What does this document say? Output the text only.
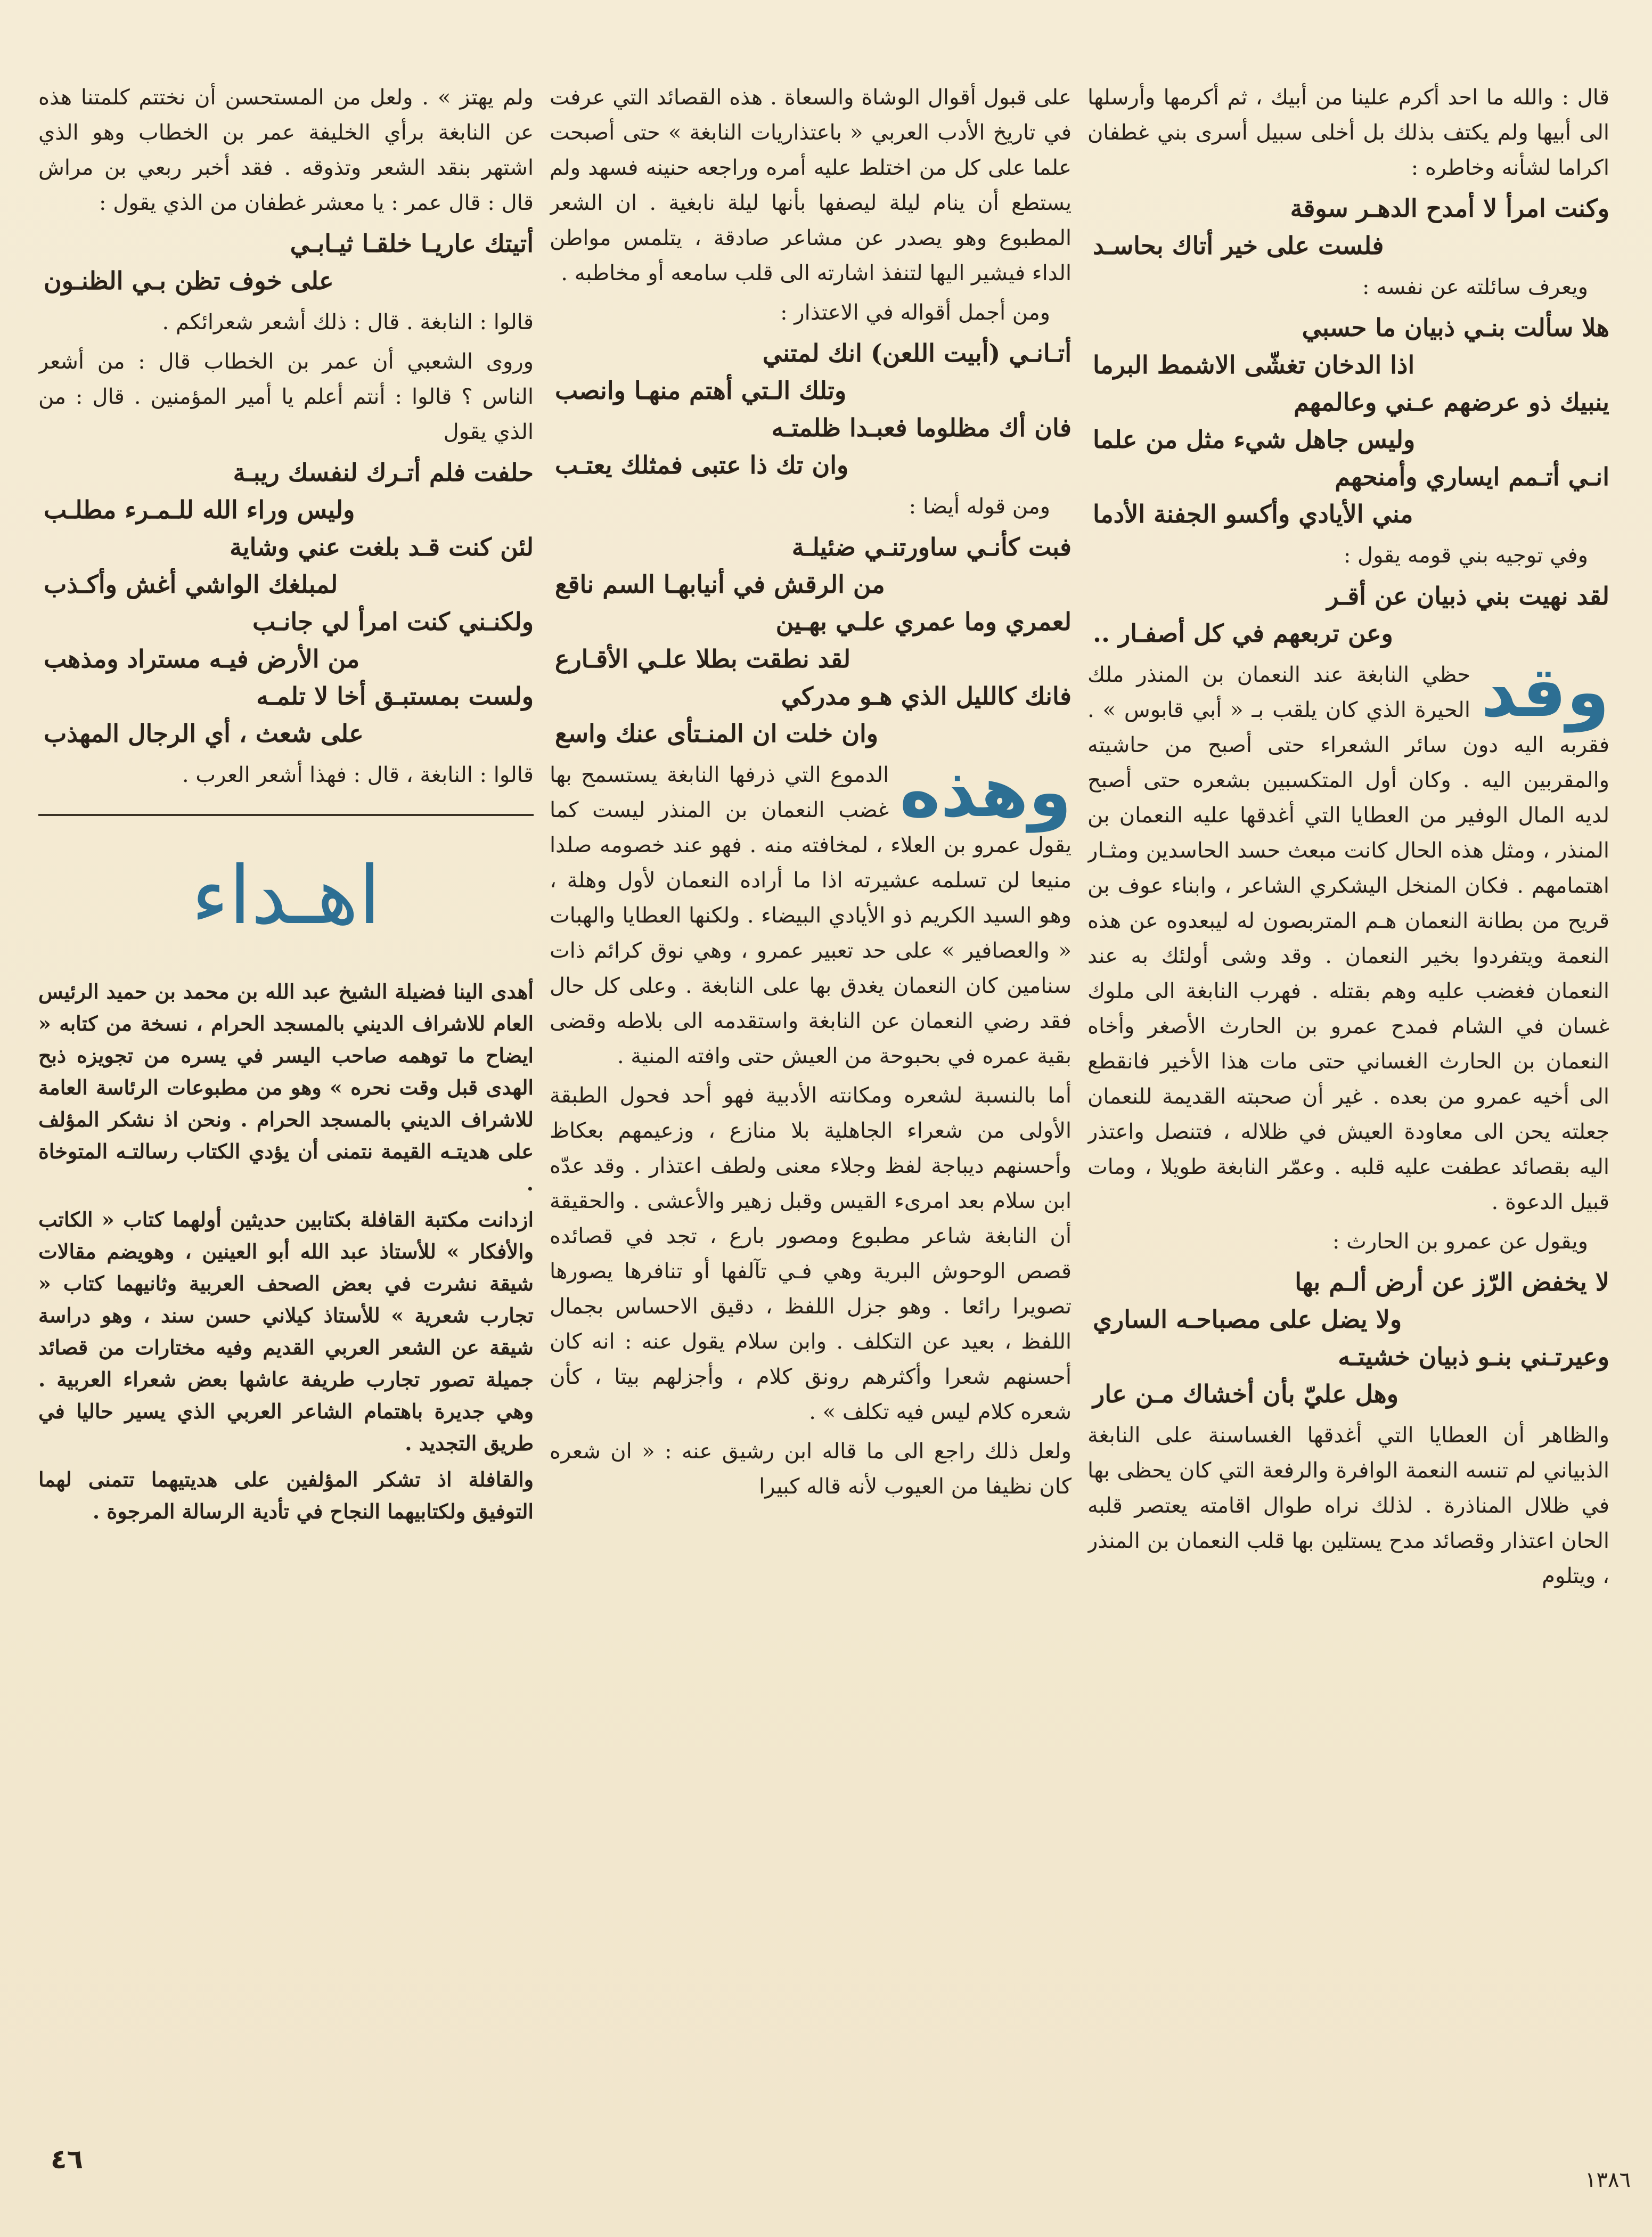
قال : والله ما احد أكرم علينا من أبيك ، ثم أكرمها وأرسلها الى أبيها ولم يكتف بذلك بل أخلى سبيل أسرى بني غطفان اكراما لشأنه وخاطره :

وكنت امرأ لا أمدح الدهـر سوقة
فلست على خير أتاك بحاسـد

ويعرف سائلته عن نفسه :

هلا سألت بنـي ذبيان ما حسبي
اذا الدخان تغشّى الاشمط البرما
ينبيك ذو عرضهم عـني وعالمهم
وليس جاهل شيء مثل من علما
انـي أتـمم ايساري وأمنحهم
مني الأيادي وأكسو الجفنة الأدما

وفي توجيه بني قومه يقول :

لقد نهيت بني ذبيان عن أقـر
وعن تربعهم في كل أصفـار ..

وقد
حظي النابغة عند النعمان بن المنذر ملك الحيرة الذي كان يلقب بـ « أبي قابوس » . فقربه اليه دون سائر الشعراء حتى أصبح من حاشيته والمقربين اليه . وكان أول المتكسبين بشعره حتى أصبح لديه المال الوفير من العطايا التي أغدقها عليه النعمان بن المنذر ، ومثل هذه الحال كانت مبعث حسد الحاسدين ومثـار اهتمامهم . فكان المنخل اليشكري الشاعر ، وابناء عوف بن قريح من بطانة النعمان هـم المتربصون له ليبعدوه عن هذه النعمة ويتفردوا بخير النعمان . وقد وشى أولئك به عند النعمان فغضب عليه وهم بقتله . فهرب النابغة الى ملوك غسان في الشام فمدح عمرو بن الحارث الأصغر وأخاه النعمان بن الحارث الغساني حتى مات هذا الأخير فانقطع الى أخيه عمرو من بعده . غير أن صحبته القديمة للنعمان جعلته يحن الى معاودة العيش في ظلاله ، فتنصل واعتذر اليه بقصائد عطفت عليه قلبه . وعمّر النابغة طويلا ، ومات قبيل الدعوة .

ويقول عن عمرو بن الحارث :

لا يخفض الرّز عن أرض ألـم بها
ولا يضل على مصباحـه الساري
وعيرتـني بنـو ذبيان خشيتـه
وهل عليّ بأن أخشاك مـن عار

والظاهر أن العطايا التي أغدقها الغساسنة على النابغة الذبياني لم تنسه النعمة الوافرة والرفعة التي كان يحظى بها في ظلال المناذرة . لذلك نراه طوال اقامته يعتصر قلبه الحان اعتذار وقصائد مدح يستلين بها قلب النعمان بن المنذر ، ويتلوم

على قبول أقوال الوشاة والسعاة . هذه القصائد التي عرفت في تاريخ الأدب العربي « باعتذاريات النابغة » حتى أصبحت علما على كل من اختلط عليه أمره وراجعه حنينه فسهد ولم يستطع أن ينام ليلة ليصفها بأنها ليلة نابغية . ان الشعر المطبوع وهو يصدر عن مشاعر صادقة ، يتلمس مواطن الداء فيشير اليها لتنفذ اشارته الى قلب سامعه أو مخاطبه .

ومن أجمل أقواله في الاعتذار :

أتـانـي (أبيت اللعن) انك لمتني
وتلك الـتي أهتم منهـا وانصب
فان أك مظلوما فعبـدا ظلمتـه
وان تك ذا عتبى فمثلك يعتـب

ومن قوله أيضا :

فبت كأنـي ساورتنـي ضئيلـة
من الرقش في أنيابهـا السم ناقع
لعمري وما عمري علـي بهـين
لقد نطقت بطلا علـي الأقـارع
فانك كالليل الذي هـو مدركي
وان خلت ان المنـتأى عنك واسع

وهذه
الدموع التي ذرفها النابغة يستسمح بها غضب النعمان بن المنذر ليست كما يقول عمرو بن العلاء ، لمخافته منه . فهو عند خصومه صلدا منيعا لن تسلمه عشيرته اذا ما أراده النعمان لأول وهلة ، وهو السيد الكريم ذو الأيادي البيضاء . ولكنها العطايا والهبات « والعصافير » على حد تعبير عمرو ، وهي نوق كرائم ذات سنامين كان النعمان يغدق بها على النابغة . وعلى كل حال فقد رضي النعمان عن النابغة واستقدمه الى بلاطه وقضى بقية عمره في بحبوحة من العيش حتى وافته المنية .

أما بالنسبة لشعره ومكانته الأدبية فهو أحد فحول الطبقة الأولى من شعراء الجاهلية بلا منازع ، وزعيمهم بعكاظ وأحسنهم ديباجة لفظ وجلاء معنى ولطف اعتذار . وقد عدّه ابن سلام بعد امرىء القيس وقبل زهير والأعشى . والحقيقة أن النابغة شاعر مطبوع ومصور بارع ، تجد في قصائده قصص الوحوش البرية وهي فـي تآلفها أو تنافرها يصورها تصويرا رائعا . وهو جزل اللفظ ، دقيق الاحساس بجمال اللفظ ، بعيد عن التكلف . وابن سلام يقول عنه : انه كان أحسنهم شعرا وأكثرهم رونق كلام ، وأجزلهم بيتا ، كأن شعره كلام ليس فيه تكلف » .

ولعل ذلك راجع الى ما قاله ابن رشيق عنه : « ان شعره كان نظيفا من العيوب لأنه قاله كبيرا

ولم يهتز » . ولعل من المستحسن أن نختتم كلمتنا هذه عن النابغة برأي الخليفة عمر بن الخطاب وهو الذي اشتهر بنقد الشعر وتذوقه . فقد أخبر ربعي بن مراش قال : قال عمر : يا معشر غطفان من الذي يقول :

أتيتك عاريـا خلقـا ثيـابـي
على خوف تظن بـي الظنـون

قالوا : النابغة . قال : ذلك أشعر شعرائكم .

وروى الشعبي أن عمر بن الخطاب قال : من أشعر الناس ؟ قالوا : أنتم أعلم يا أمير المؤمنين . قال : من الذي يقول

حلفت فلم أتـرك لنفسك ريبـة
وليس وراء الله للـمـرء مطلـب
لئن كنت قـد بلغت عني وشاية
لمبلغك الواشي أغش وأكـذب
ولكنـني كنت امرأ لي جانـب
من الأرض فيـه مستراد ومذهب
ولست بمستبـق أخا لا تلمـه
على شعث ، أي الرجال المهذب

قالوا : النابغة ، قال : فهذا أشعر العرب .

اهـداء

أهدى الينا فضيلة الشيخ عبد الله بن محمد بن حميد الرئيس العام للاشراف الديني بالمسجد الحرام ، نسخة من كتابه « ايضاح ما توهمه صاحب اليسر في يسره من تجويزه ذبح الهدى قبل وقت نحره » وهو من مطبوعات الرئاسة العامة للاشراف الديني بالمسجد الحرام . ونحن اذ نشكر المؤلف على هديتـه القيمة نتمنى أن يؤدي الكتاب رسالتـه المتوخاة .

ازدانت مكتبة القافلة بكتابين حديثين أولهما كتاب « الكاتب والأفكار » للأستاذ عبد الله أبو العينين ، وهويضم مقالات شيقة نشرت في بعض الصحف العربية وثانيهما كتاب « تجارب شعرية » للأستاذ كيلاني حسن سند ، وهو دراسة شيقة عن الشعر العربي القديم وفيه مختارات من قصائد جميلة تصور تجارب طريفة عاشها بعض شعراء العربية . وهي جديرة باهتمام الشاعر العربي الذي يسير حاليا في طريق التجديد .

والقافلة اذ تشكر المؤلفين على هديتيهما تتمنى لهما التوفيق ولكتابيهما النجاح في تأدية الرسالة المرجوة .

٤٦
١٣٨٦
